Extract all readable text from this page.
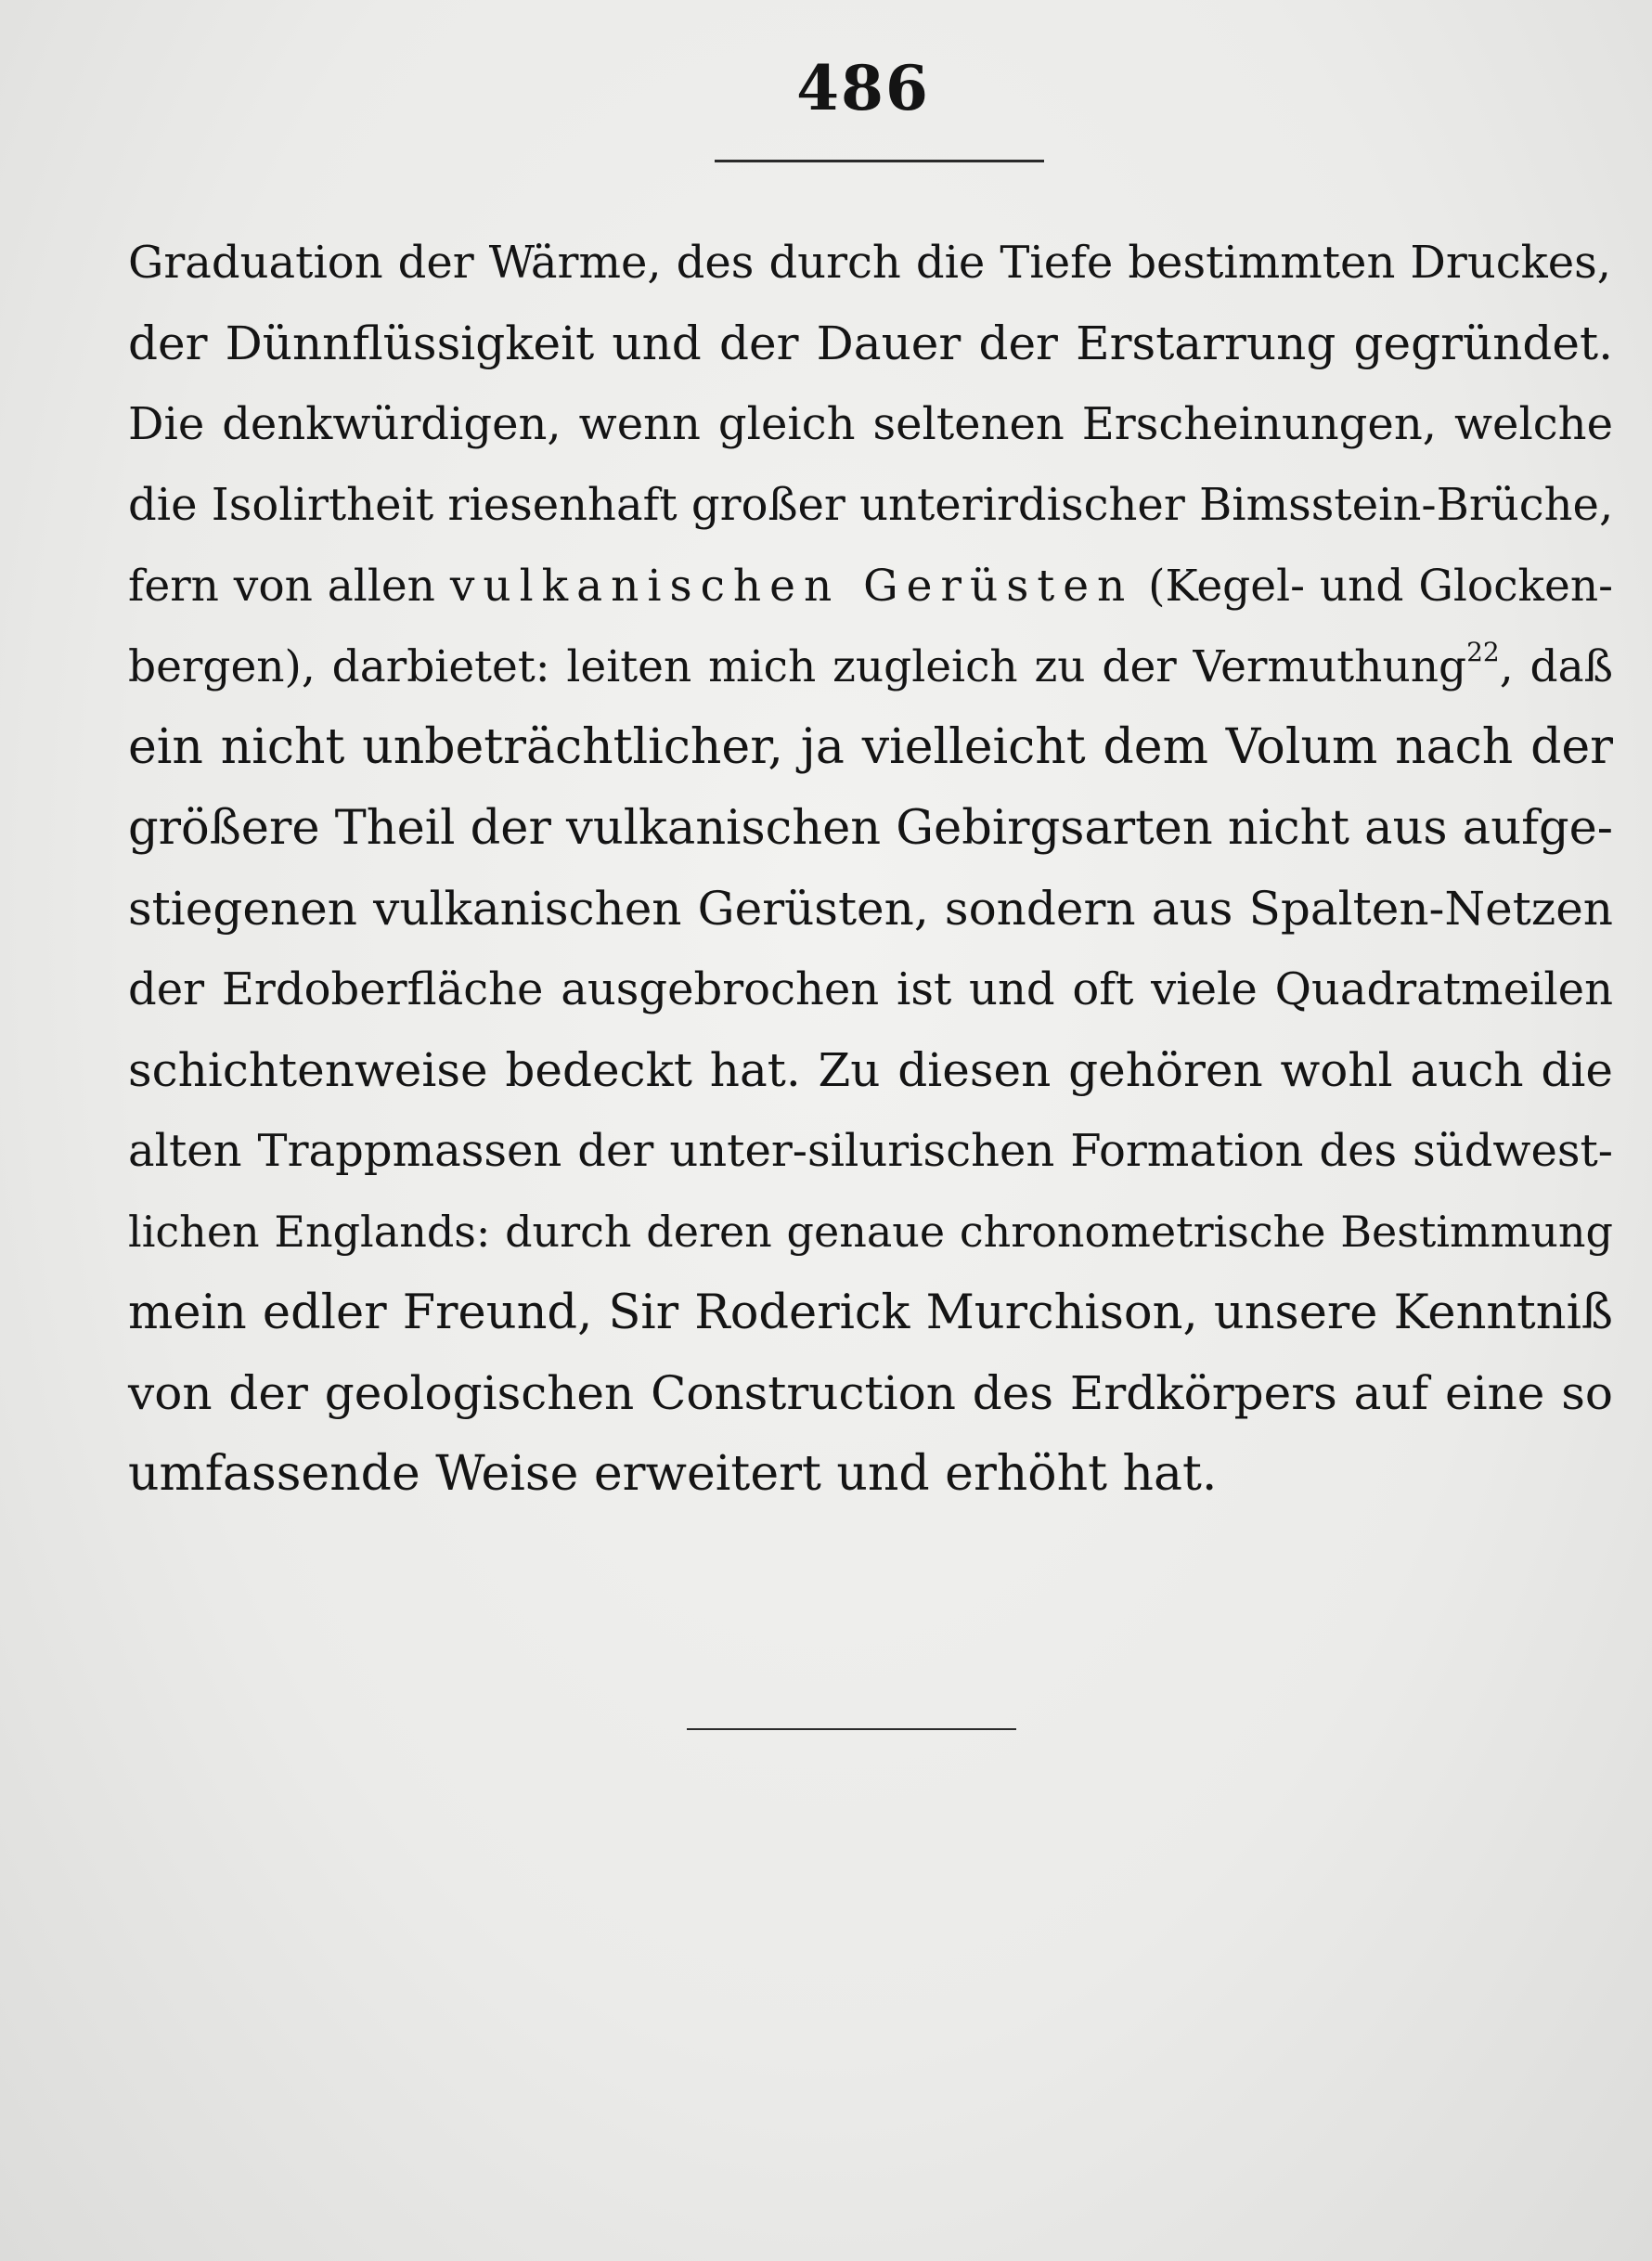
486
Graduation der Wärme, des durch die Tiefe bestimmten Druckes,
der Dünnflüssigkeit und der Dauer der Erstarrung gegründet.
Die denkwürdigen, wenn gleich seltenen Erscheinungen, welche
die Isolirtheit riesenhaft großer unterirdischer Bimsstein-Brüche,
fern von allen vulkanischen Gerüsten (Kegel- und Glocken-
bergen), darbietet: leiten mich zugleich zu der Vermuthung$^{22}$, daß
ein nicht unbeträchtlicher, ja vielleicht dem Volum nach der
größere Theil der vulkanischen Gebirgsarten nicht aus aufge-
stiegenen vulkanischen Gerüsten, sondern aus Spalten-Netzen
der Erdoberfläche ausgebrochen ist und oft viele Quadratmeilen
schichtenweise bedeckt hat. Zu diesen gehören wohl auch die
alten Trappmassen der unter-silurischen Formation des südwest-
lichen Englands: durch deren genaue chronometrische Bestimmung
mein edler Freund, Sir Roderick Murchison, unsere Kenntniß
von der geologischen Construction des Erdkörpers auf eine so
umfassende Weise erweitert und erhöht hat.
